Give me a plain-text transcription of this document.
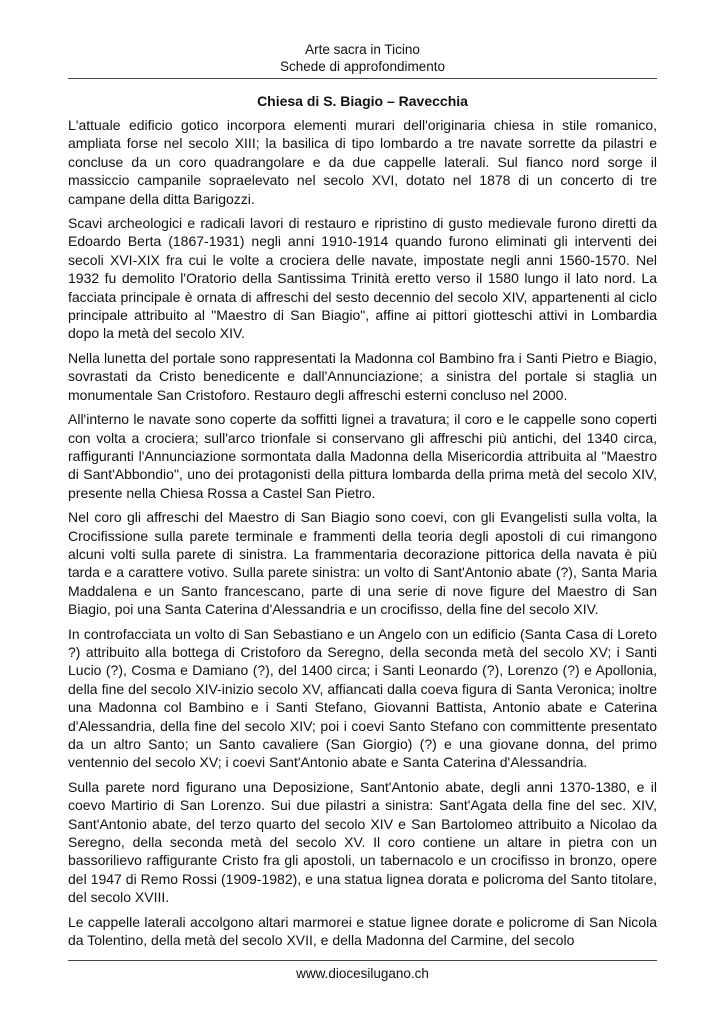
Arte sacra in Ticino
Schede di approfondimento
Chiesa di S. Biagio – Ravecchia

L'attuale edificio gotico incorpora elementi murari dell'originaria chiesa in stile romanico, ampliata forse nel secolo XIII; la basilica di tipo lombardo a tre navate sorrette da pilastri e concluse da un coro quadrangolare e da due cappelle laterali. Sul fianco nord sorge il massiccio campanile sopraelevato nel secolo XVI, dotato nel 1878 di un concerto di tre campane della ditta Barigozzi.

Scavi archeologici e radicali lavori di restauro e ripristino di gusto medievale furono diretti da Edoardo Berta (1867-1931) negli anni 1910-1914 quando furono eliminati gli interventi dei secoli XVI-XIX fra cui le volte a crociera delle navate, impostate negli anni 1560-1570. Nel 1932 fu demolito l'Oratorio della Santissima Trinità eretto verso il 1580 lungo il lato nord. La facciata principale è ornata di affreschi del sesto decennio del secolo XIV, appartenenti al ciclo principale attribuito al "Maestro di San Biagio", affine ai pittori giotteschi attivi in Lombardia dopo la metà del secolo XIV.

Nella lunetta del portale sono rappresentati la Madonna col Bambino fra i Santi Pietro e Biagio, sovrastati da Cristo benedicente e dall'Annunciazione; a sinistra del portale si staglia un monumentale San Cristoforo. Restauro degli affreschi esterni concluso nel 2000.

All'interno le navate sono coperte da soffitti lignei a travatura; il coro e le cappelle sono coperti con volta a crociera; sull'arco trionfale si conservano gli affreschi più antichi, del 1340 circa, raffiguranti l'Annunciazione sormontata dalla Madonna della Misericordia attribuita al "Maestro di Sant'Abbondio", uno dei protagonisti della pittura lombarda della prima metà del secolo XIV, presente nella Chiesa Rossa a Castel San Pietro.

Nel coro gli affreschi del Maestro di San Biagio sono coevi, con gli Evangelisti sulla volta, la Crocifissione sulla parete terminale e frammenti della teoria degli apostoli di cui rimangono alcuni volti sulla parete di sinistra. La frammentaria decorazione pittorica della navata è più tarda e a carattere votivo. Sulla parete sinistra: un volto di Sant'Antonio abate (?), Santa Maria Maddalena e un Santo francescano, parte di una serie di nove figure del Maestro di San Biagio, poi una Santa Caterina d'Alessandria e un crocifisso, della fine del secolo XIV.

In controfacciata un volto di San Sebastiano e un Angelo con un edificio (Santa Casa di Loreto ?) attribuito alla bottega di Cristoforo da Seregno, della seconda metà del secolo XV; i Santi Lucio (?), Cosma e Damiano (?), del 1400 circa; i Santi Leonardo (?), Lorenzo (?) e Apollonia, della fine del secolo XIV-inizio secolo XV, affiancati dalla coeva figura di Santa Veronica; inoltre una Madonna col Bambino e i Santi Stefano, Giovanni Battista, Antonio abate e Caterina d'Alessandria, della fine del secolo XIV; poi i coevi Santo Stefano con committente presentato da un altro Santo; un Santo cavaliere (San Giorgio) (?) e una giovane donna, del primo ventennio del secolo XV; i coevi Sant'Antonio abate e Santa Caterina d'Alessandria.

Sulla parete nord figurano una Deposizione, Sant'Antonio abate, degli anni 1370-1380, e il coevo Martirio di San Lorenzo. Sui due pilastri a sinistra: Sant'Agata della fine del sec. XIV, Sant'Antonio abate, del terzo quarto del secolo XIV e San Bartolomeo attribuito a Nicolao da Seregno, della seconda metà del secolo XV. Il coro contiene un altare in pietra con un bassorilievo raffigurante Cristo fra gli apostoli, un tabernacolo e un crocifisso in bronzo, opere del 1947 di Remo Rossi (1909-1982), e una statua lignea dorata e policroma del Santo titolare, del secolo XVIII.

Le cappelle laterali accolgono altari marmorei e statue lignee dorate e policrome di San Nicola da Tolentino, della metà del secolo XVII, e della Madonna del Carmine, del secolo

www.diocesilugano.ch
